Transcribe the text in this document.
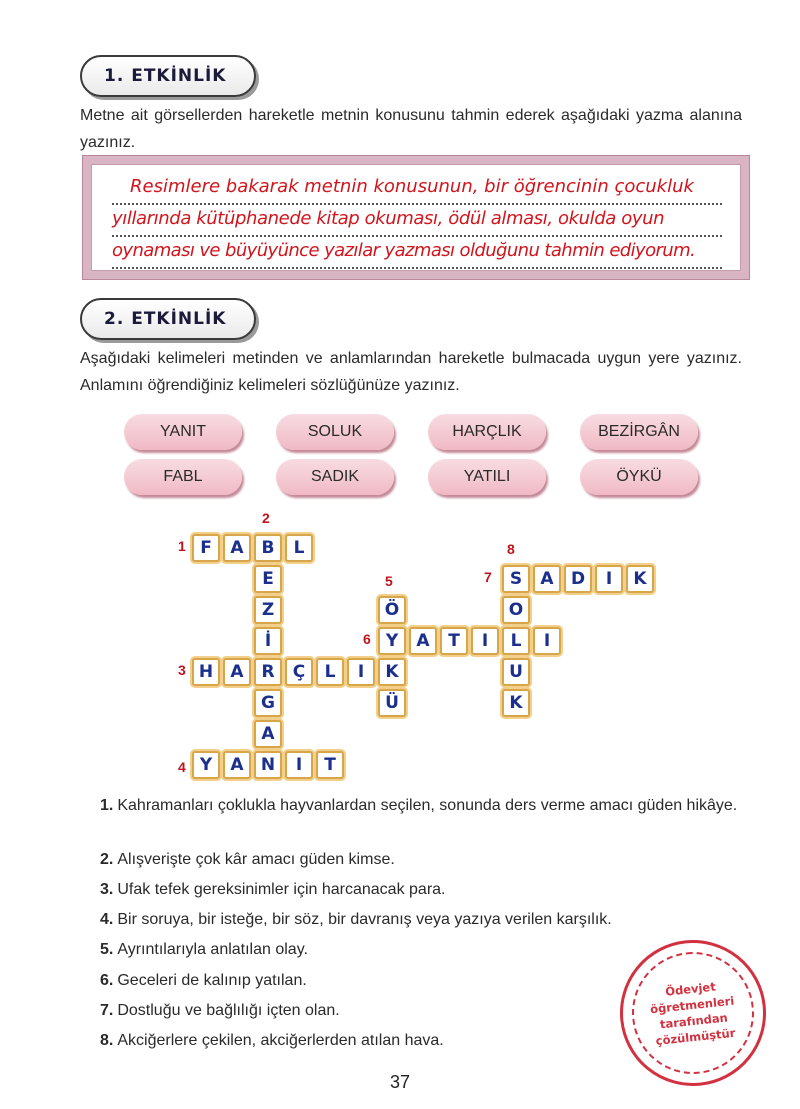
1. ETKİNLİK
Metne ait görsellerden hareketle metnin konusunu tahmin ederek aşağıdaki yazma alanına yazınız.
Resimlere bakarak metnin konusunun, bir öğrencinin çocukluk
yıllarında kütüphanede kitap okuması, ödül alması, okulda oyun
oynaması ve büyüyünce yazılar yazması olduğunu tahmin ediyorum.
2. ETKİNLİK
Aşağıdaki kelimeleri metinden ve anlamlarından hareketle bulmacada uygun yere yazınız. Anlamını öğrendiğiniz kelimeleri sözlüğünüze yazınız.
YANIT	SOLUK	HARÇLIK	BEZİRGÂN
FABL	SADIK	YATILI	ÖYKÜ
F	A	B	L
E
Z
İ
H	A	R	Ç	L	I	K
G
A
Y	A	N	I	T
Ö
Y	A	T	I	L	I
Ü
S	A	D	I	K
O
U
K
1
2
3
4
5
6
7
8
1. Kahramanları çoklukla hayvanlardan seçilen, sonunda ders verme amacı güden hikâye.
2. Alışverişte çok kâr amacı güden kimse.
3. Ufak tefek gereksinimler için harcanacak para.
4. Bir soruya, bir isteğe, bir söz, bir davranış veya yazıya verilen karşılık.
5. Ayrıntılarıyla anlatılan olay.
6. Geceleri de kalınıp yatılan.
7. Dostluğu ve bağlılığı içten olan.
8. Akciğerlere çekilen, akciğerlerden atılan hava.
Ödevjet
öğretmenleri
tarafından
çözülmüştür
37
